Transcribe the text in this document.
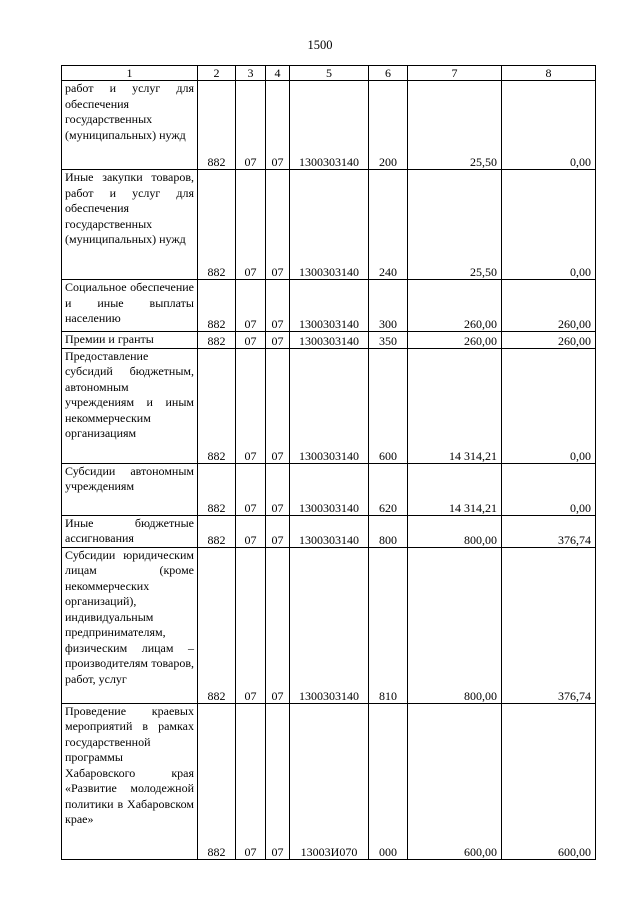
1500
1	2	3	4	5	6	7	8
работ и услуг для обеспечения государственных (муниципальных) нужд	882	07	07	1300303140	200	25,50	0,00
Иные закупки товаров, работ и услуг для обеспечения государственных (муниципальных) нужд	882	07	07	1300303140	240	25,50	0,00
Социальное обеспечение и иные выплаты населению	882	07	07	1300303140	300	260,00	260,00
Премии и гранты	882	07	07	1300303140	350	260,00	260,00
Предоставление субсидий бюджетным, автономным учреждениям и иным некоммерческим организациям	882	07	07	1300303140	600	14 314,21	0,00
Субсидии автономным учреждениям	882	07	07	1300303140	620	14 314,21	0,00
Иные бюджетные ассигнования	882	07	07	1300303140	800	800,00	376,74
Субсидии юридическим лицам (кроме некоммерческих организаций), индивидуальным предпринимателям, физическим лицам – производителям товаров, работ, услуг	882	07	07	1300303140	810	800,00	376,74
Проведение краевых мероприятий в рамках государственной программы Хабаровского края «Развитие молодежной политики в Хабаровском крае»	882	07	07	13003И070	000	600,00	600,00
